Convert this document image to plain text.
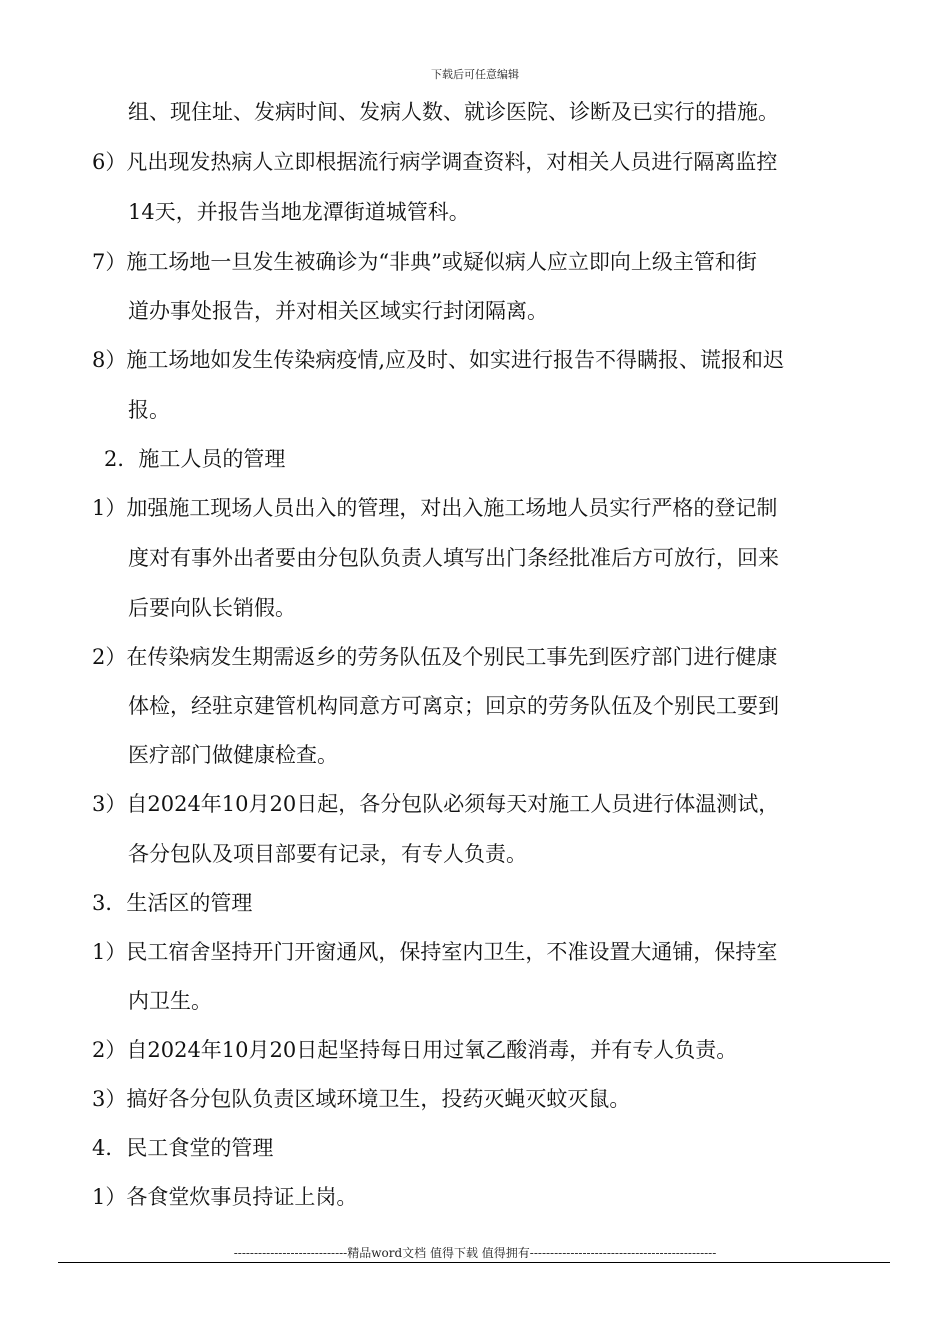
下载后可任意编辑
组、现住址、发病时间、发病人数、就诊医院、诊断及已实行的措施。
6）凡出现发热病人立即根据流行病学调查资料，对相关人员进行隔离监控
14天，并报告当地龙潭街道城管科。
7）施工场地一旦发生被确诊为“非典”或疑似病人应立即向上级主管和街
道办事处报告，并对相关区域实行封闭隔离。
8）施工场地如发生传染病疫情,应及时、如实进行报告不得瞒报、谎报和迟
报。
2．施工人员的管理
1）加强施工现场人员出入的管理，对出入施工场地人员实行严格的登记制
度对有事外出者要由分包队负责人填写出门条经批准后方可放行，回来
后要向队长销假。
2）在传染病发生期需返乡的劳务队伍及个别民工事先到医疗部门进行健康
体检，经驻京建管机构同意方可离京；回京的劳务队伍及个别民工要到
医疗部门做健康检查。
3）自2024年10月20日起，各分包队必须每天对施工人员进行体温测试，
各分包队及项目部要有记录，有专人负责。
3．生活区的管理
1）民工宿舍坚持开门开窗通风，保持室内卫生，不准设置大通铺，保持室
内卫生。
2）自2024年10月20日起坚持每日用过氧乙酸消毒，并有专人负责。
3）搞好各分包队负责区域环境卫生，投药灭蝇灭蚊灭鼠。
4．民工食堂的管理
1）各食堂炊事员持证上岗。
----------------------------精品word文档 值得下载 值得拥有----------------------------------------------
